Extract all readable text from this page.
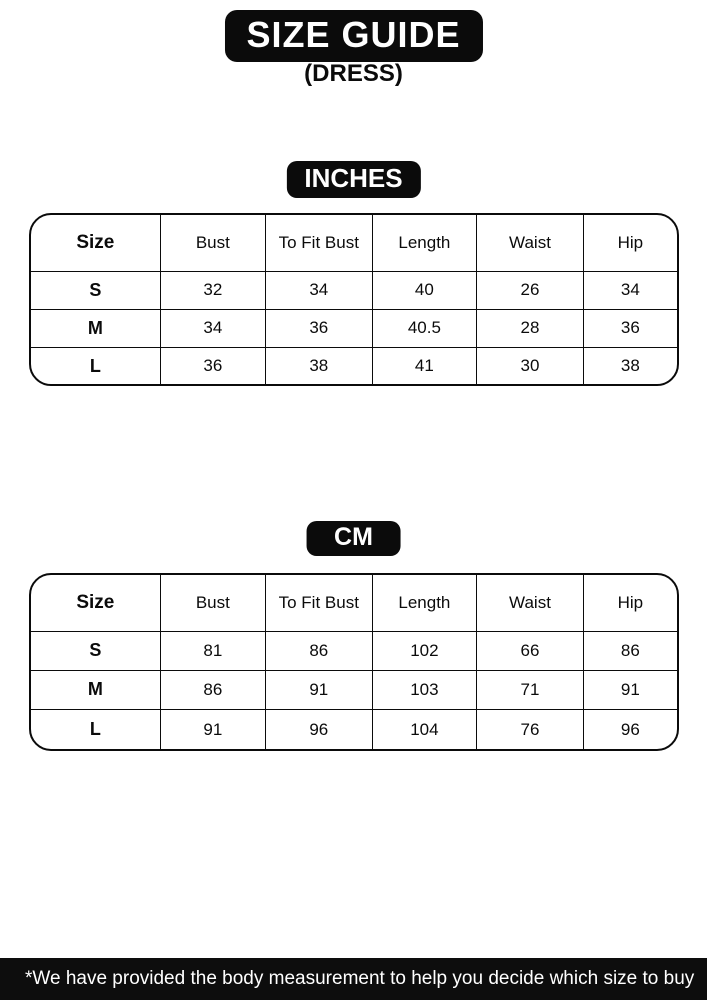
SIZE GUIDE
(DRESS)
INCHES
Size	Bust	To Fit Bust	Length	Waist	Hip
S	32	34	40	26	34
M	34	36	40.5	28	36
L	36	38	41	30	38
CM
Size	Bust	To Fit Bust	Length	Waist	Hip
S	81	86	102	66	86
M	86	91	103	71	91
L	91	96	104	76	96
*We have provided the body measurement to help you decide which size to buy
